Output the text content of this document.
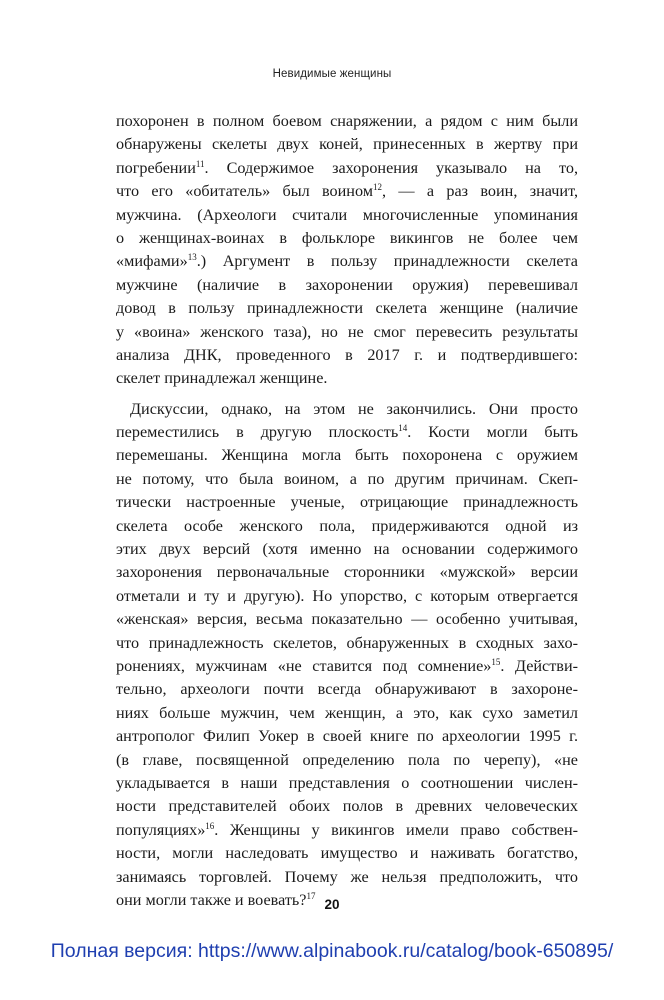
Невидимые женщины
похоронен в полном боевом снаряжении, а рядом с ним были
обнаружены скелеты двух коней, принесенных в жертву при
погребении$^{11}$. Содержимое захоронения указывало на то,
что его «обитатель» был воином$^{12}$, — а раз воин, значит,
мужчина. (Археологи считали многочисленные упоминания
о женщинах-воинах в фольклоре викингов не более чем
«мифами»$^{13}$.) Аргумент в пользу принадлежности скелета
мужчине (наличие в захоронении оружия) перевешивал
довод в пользу принадлежности скелета женщине (наличие
у «воина» женского таза), но не смог перевесить результаты
анализа ДНК, проведенного в 2017 г. и подтвердившего:
скелет принадлежал женщине.
Дискуссии, однако, на этом не закончились. Они просто
переместились в другую плоскость$^{14}$. Кости могли быть
перемешаны. Женщина могла быть похоронена с оружием
не потому, что была воином, а по другим причинам. Скеп-
тически настроенные ученые, отрицающие принадлежность
скелета особе женского пола, придерживаются одной из
этих двух версий (хотя именно на основании содержимого
захоронения первоначальные сторонники «мужской» версии
отметали и ту и другую). Но упорство, с которым отвергается
«женская» версия, весьма показательно — особенно учитывая,
что принадлежность скелетов, обнаруженных в сходных захо-
ронениях, мужчинам «не ставится под сомнение»$^{15}$. Действи-
тельно, археологи почти всегда обнаруживают в захороне-
ниях больше мужчин, чем женщин, а это, как сухо заметил
антрополог Филип Уокер в своей книге по археологии 1995 г.
(в главе, посвященной определению пола по черепу), «не
укладывается в наши представления о соотношении числен-
ности представителей обоих полов в древних человеческих
популяциях»$^{16}$. Женщины у викингов имели право собствен-
ности, могли наследовать имущество и наживать богатство,
занимаясь торговлей. Почему же нельзя предположить, что
они могли также и воевать?$^{17}$
20
Полная версия: https://www.alpinabook.ru/catalog/book-650895/
